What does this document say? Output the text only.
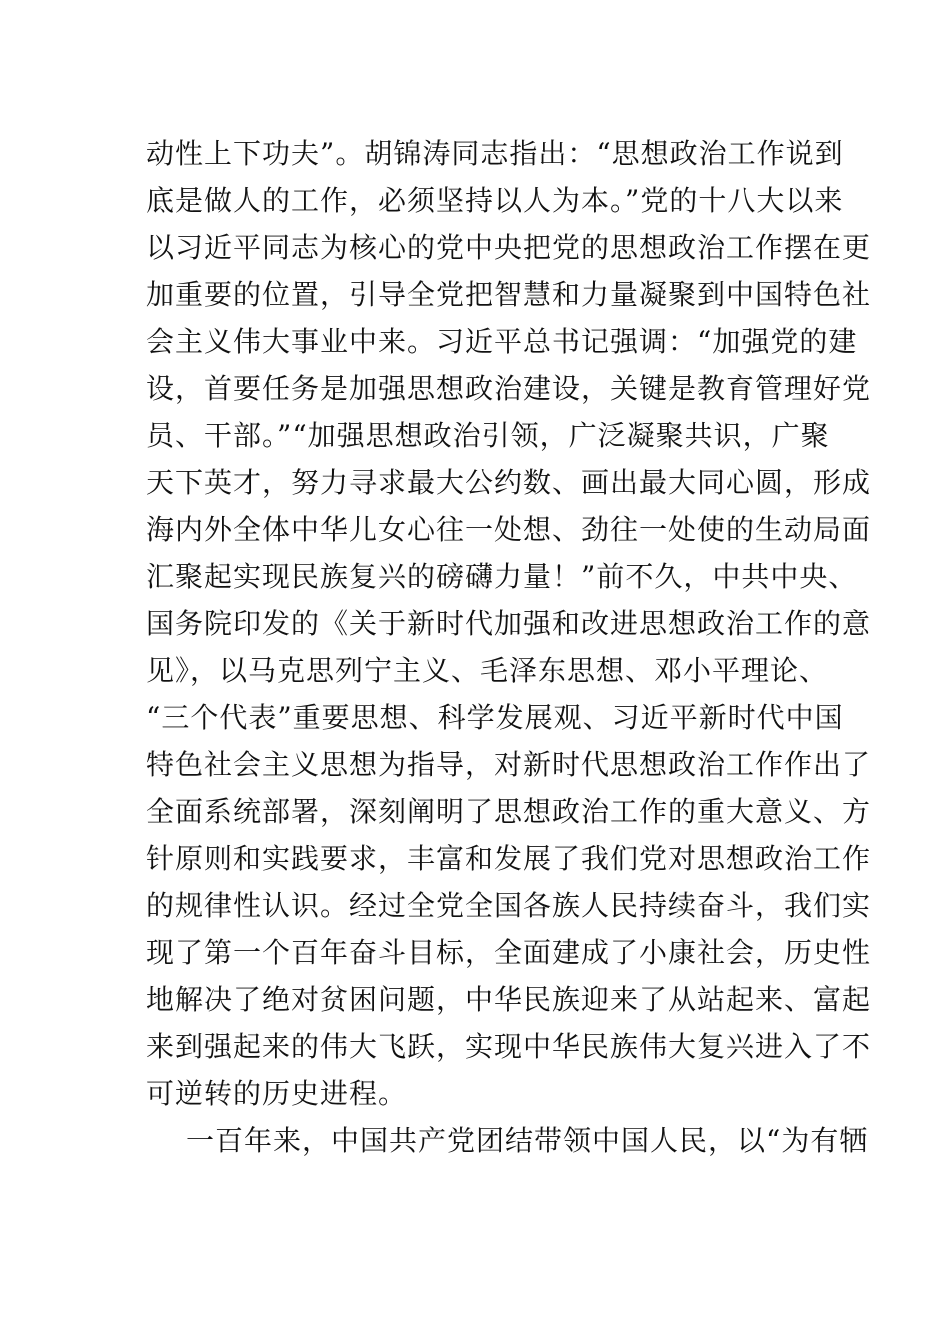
动性上下功夫”。胡锦涛同志指出：“思想政治工作说到
底是做人的工作，必须坚持以人为本。”党的十八大以来
以习近平同志为核心的党中央把党的思想政治工作摆在更
加重要的位置，引导全党把智慧和力量凝聚到中国特色社
会主义伟大事业中来。习近平总书记强调：“加强党的建
设，首要任务是加强思想政治建设，关键是教育管理好党
员、干部。”“加强思想政治引领，广泛凝聚共识，广聚
天下英才，努力寻求最大公约数、画出最大同心圆，形成
海内外全体中华儿女心往一处想、劲往一处使的生动局面
汇聚起实现民族复兴的磅礴力量！”前不久，中共中央、
国务院印发的《关于新时代加强和改进思想政治工作的意
见》，以马克思列宁主义、毛泽东思想、邓小平理论、
“三个代表”重要思想、科学发展观、习近平新时代中国
特色社会主义思想为指导，对新时代思想政治工作作出了
全面系统部署，深刻阐明了思想政治工作的重大意义、方
针原则和实践要求，丰富和发展了我们党对思想政治工作
的规律性认识。经过全党全国各族人民持续奋斗，我们实
现了第一个百年奋斗目标，全面建成了小康社会，历史性
地解决了绝对贫困问题，中华民族迎来了从站起来、富起
来到强起来的伟大飞跃，实现中华民族伟大复兴进入了不
可逆转的历史进程。
一百年来，中国共产党团结带领中国人民，以“为有牺
